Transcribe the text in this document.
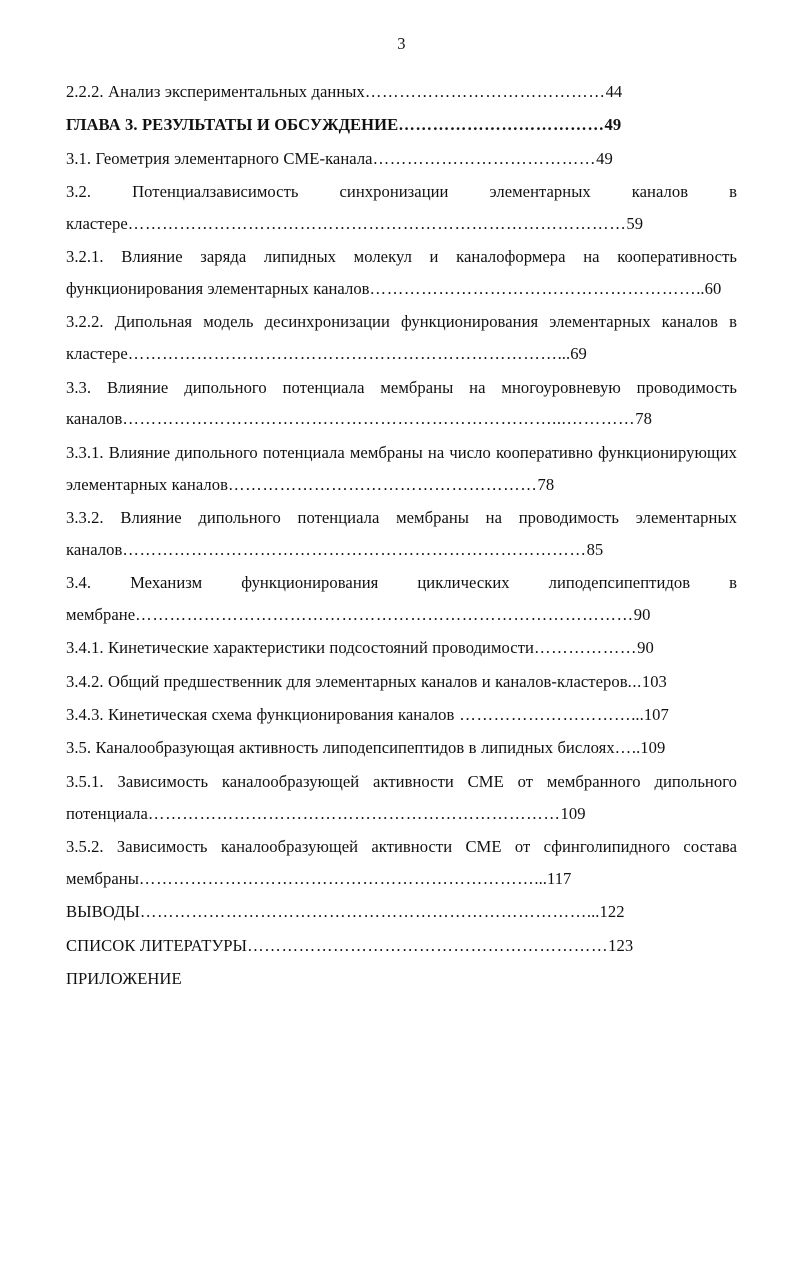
3
2.2.2. Анализ экспериментальных данных……………………………………44
ГЛАВА 3. РЕЗУЛЬТАТЫ И ОБСУЖДЕНИЕ………………………………49
3.1. Геометрия элементарного CME-канала…………………………………49
3.2. Потенциалзависимость синхронизации элементарных каналов в кластере……………………………………………………………………………59
3.2.1. Влияние заряда липидных молекул и каналоформера на кооперативность функционирования элементарных каналов…………………………………………………..60
3.2.2. Дипольная модель десинхронизации функционирования элементарных каналов в кластере…………………………………………………………………...69
3.3. Влияние дипольного потенциала мембраны на многоуровневую проводимость каналов…………………………………………………………………...…………78
3.3.1. Влияние дипольного потенциала мембраны на число кооперативно функционирующих элементарных каналов………………………………………………78
3.3.2. Влияние дипольного потенциала мембраны на проводимость элементарных каналов………………………………………………………………………85
3.4. Механизм функционирования циклических липодепсипептидов в мембране……………………………………………………………………………90
3.4.1. Кинетические характеристики подсостояний проводимости………………90
3.4.2. Общий предшественник для элементарных каналов и каналов-кластеров...103
3.4.3. Кинетическая схема функционирования каналов …………………………...107
3.5. Каналообразующая активность липодепсипептидов в липидных бислоях…..109
3.5.1. Зависимость каналообразующей активности CME от мембранного дипольного потенциала………………………………………………………………109
3.5.2. Зависимость каналообразующей активности CME от сфинголипидного состава мембраны……………………………………………………………...117
ВЫВОДЫ……………………………………………………………………...122
СПИСОК ЛИТЕРАТУРЫ………………………………………………………123
ПРИЛОЖЕНИЕ
